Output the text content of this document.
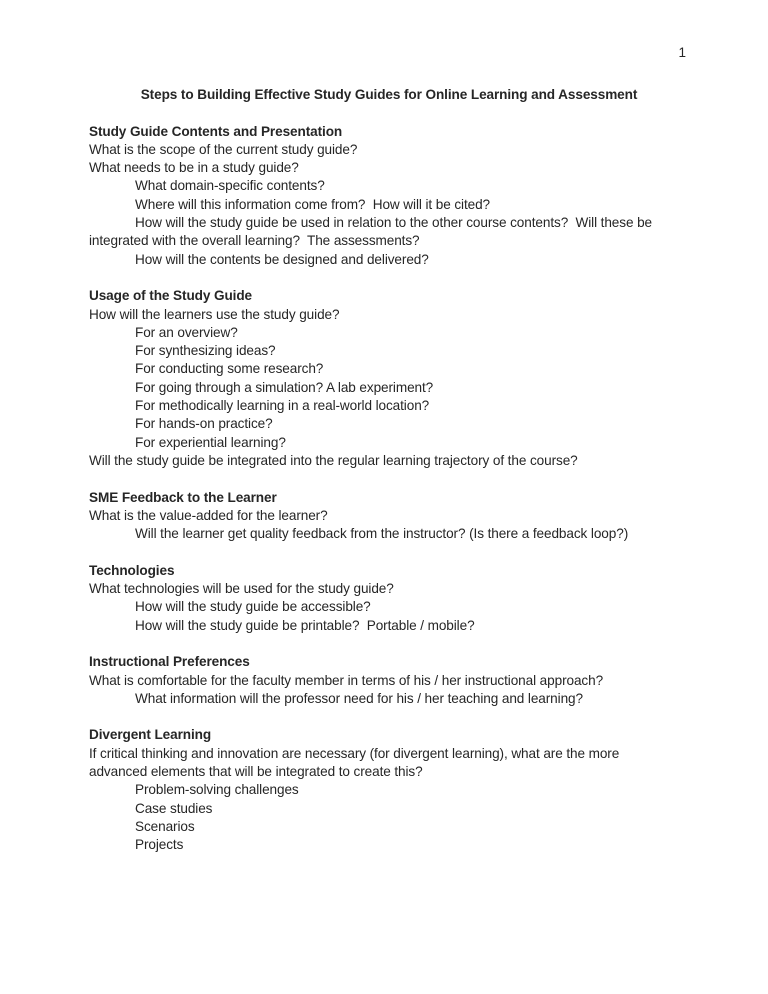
1
Steps to Building Effective Study Guides for Online Learning and Assessment
Study Guide Contents and Presentation
What is the scope of the current study guide?
What needs to be in a study guide?
What domain-specific contents?
Where will this information come from?  How will it be cited?
How will the study guide be used in relation to the other course contents?  Will these be integrated with the overall learning?  The assessments?
How will the contents be designed and delivered?
Usage of the Study Guide
How will the learners use the study guide?
For an overview?
For synthesizing ideas?
For conducting some research?
For going through a simulation? A lab experiment?
For methodically learning in a real-world location?
For hands-on practice?
For experiential learning?
Will the study guide be integrated into the regular learning trajectory of the course?
SME Feedback to the Learner
What is the value-added for the learner?
Will the learner get quality feedback from the instructor? (Is there a feedback loop?)
Technologies
What technologies will be used for the study guide?
How will the study guide be accessible?
How will the study guide be printable?  Portable / mobile?
Instructional Preferences
What is comfortable for the faculty member in terms of his / her instructional approach?
What information will the professor need for his / her teaching and learning?
Divergent Learning
If critical thinking and innovation are necessary (for divergent learning), what are the more advanced elements that will be integrated to create this?
Problem-solving challenges
Case studies
Scenarios
Projects
